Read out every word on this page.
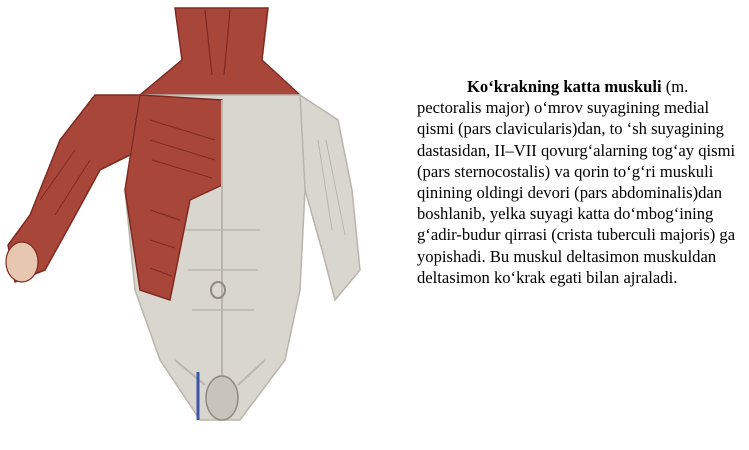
Ko‘krakning katta muskuli (m. pectoralis major) o‘mrov suyagining medial qismi (pars clavicularis)dan, to ‘sh suyagining dastasidan, II–VII qovurg‘alarning tog‘ay qismi (pars sternocostalis) va qorin to‘g‘ri muskuli qinining oldingi devori (pars abdominalis)dan boshlanib, yelka suyagi katta do‘mbog‘ining g‘adir-budur qirrasi (crista tuberculi majoris) ga yopishadi. Bu muskul deltasimon muskuldan deltasimon ko‘krak egati bilan ajraladi.
